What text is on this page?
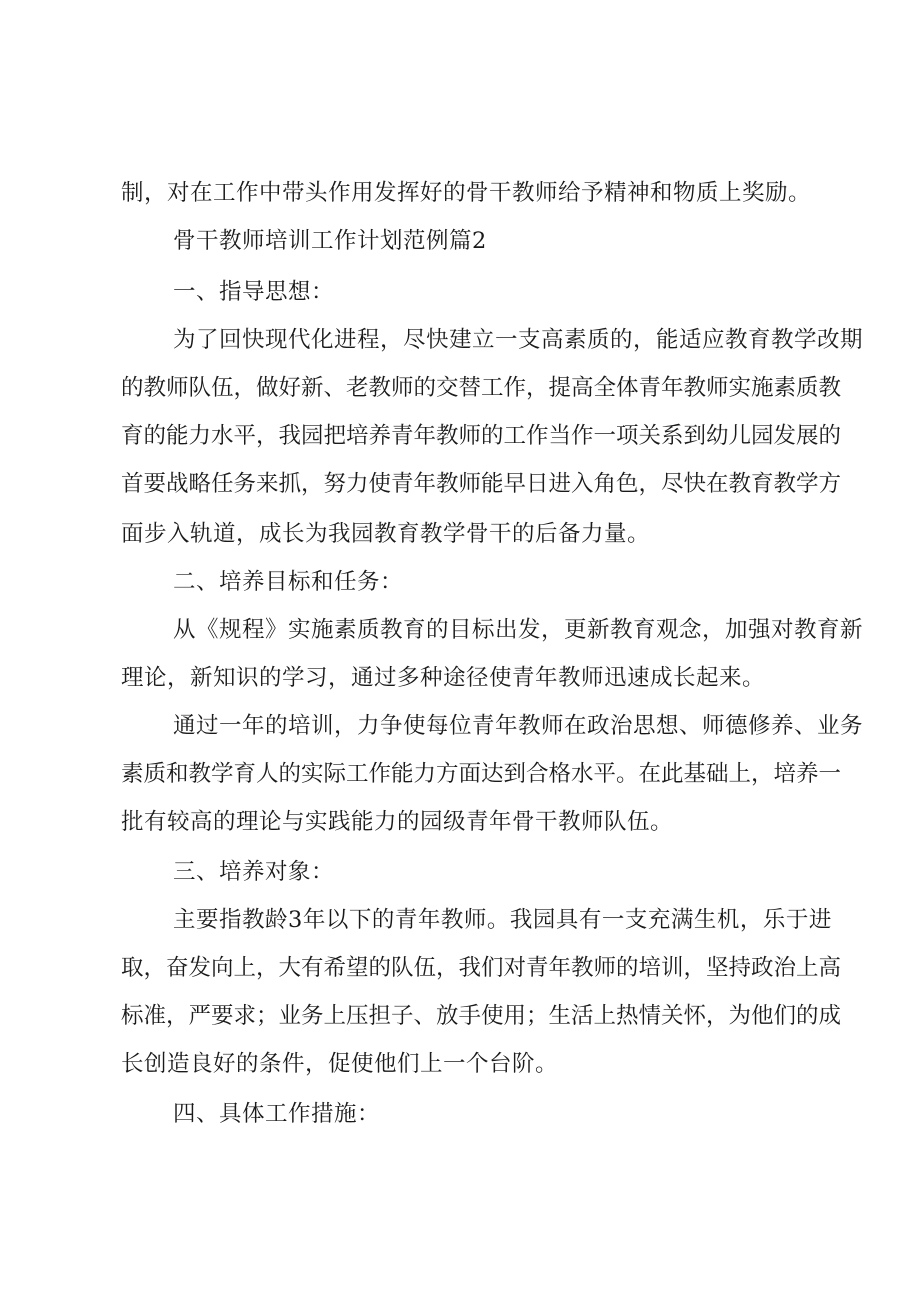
制，对在工作中带头作用发挥好的骨干教师给予精神和物质上奖励。
骨干教师培训工作计划范例篇2
一、指导思想：
为了回快现代化进程，尽快建立一支高素质的，能适应教育教学改期
的教师队伍，做好新、老教师的交替工作，提高全体青年教师实施素质教
育的能力水平，我园把培养青年教师的工作当作一项关系到幼儿园发展的
首要战略任务来抓，努力使青年教师能早日进入角色，尽快在教育教学方
面步入轨道，成长为我园教育教学骨干的后备力量。
二、培养目标和任务：
从《规程》实施素质教育的目标出发，更新教育观念，加强对教育新
理论，新知识的学习，通过多种途径使青年教师迅速成长起来。
通过一年的培训，力争使每位青年教师在政治思想、师德修养、业务
素质和教学育人的实际工作能力方面达到合格水平。在此基础上，培养一
批有较高的理论与实践能力的园级青年骨干教师队伍。
三、培养对象：
主要指教龄3年以下的青年教师。我园具有一支充满生机，乐于进
取，奋发向上，大有希望的队伍，我们对青年教师的培训，坚持政治上高
标准，严要求；业务上压担子、放手使用；生活上热情关怀，为他们的成
长创造良好的条件，促使他们上一个台阶。
四、具体工作措施：
